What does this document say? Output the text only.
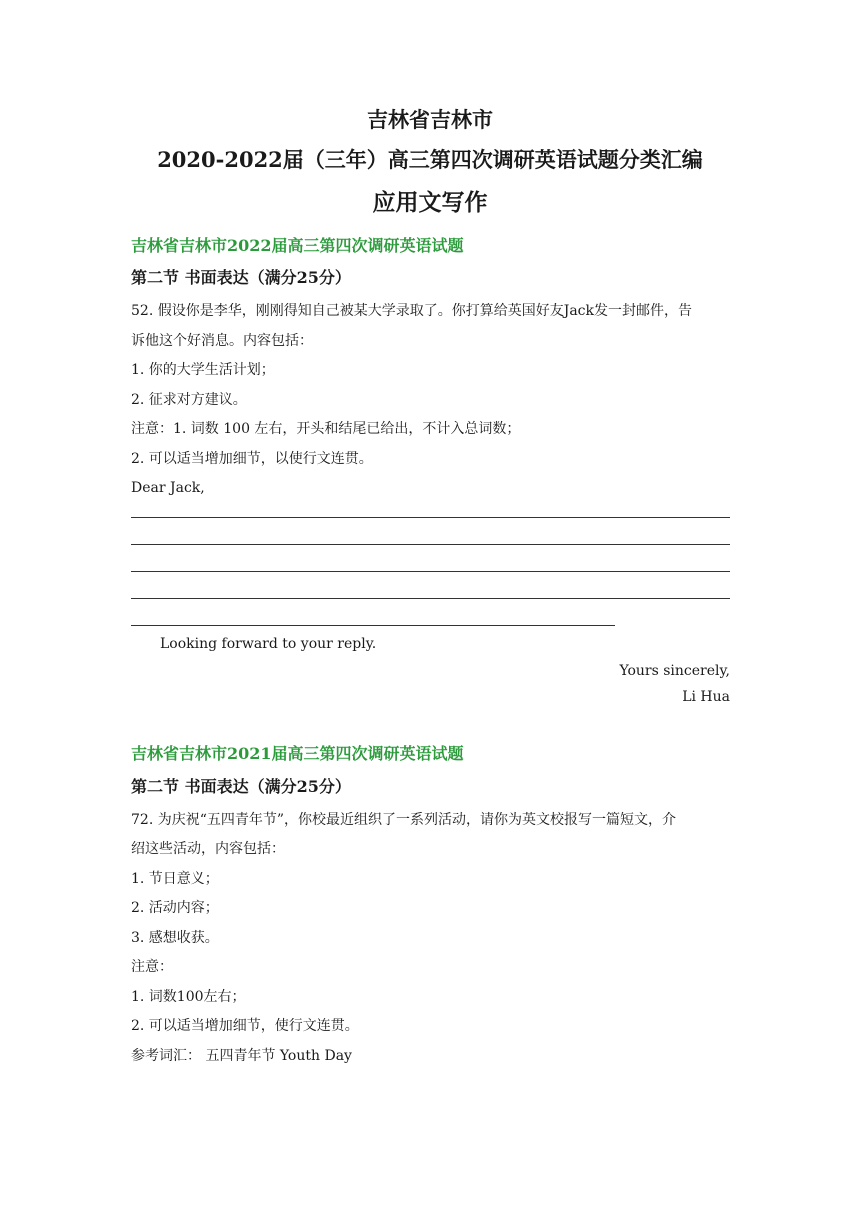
吉林省吉林市
2020-2022届（三年）高三第四次调研英语试题分类汇编
应用文写作

吉林省吉林市2022届高三第四次调研英语试题

第二节 书面表达（满分25分）

52. 假设你是李华，刚刚得知自己被某大学录取了。你打算给英国好友Jack发一封邮件，告

诉他这个好消息。内容包括：

1. 你的大学生活计划；

2. 征求对方建议。

注意：1. 词数 100 左右，开头和结尾已给出，不计入总词数；

2. 可以适当增加细节，以使行文连贯。

Dear Jack,

Looking forward to your reply.

Yours sincerely,

Li Hua

吉林省吉林市2021届高三第四次调研英语试题

第二节 书面表达（满分25分）

72. 为庆祝“五四青年节”，你校最近组织了一系列活动，请你为英文校报写一篇短文，介

绍这些活动，内容包括：

1. 节日意义；

2. 活动内容；

3. 感想收获。

注意：

1. 词数100左右；

2. 可以适当增加细节，使行文连贯。

参考词汇： 五四青年节 Youth Day
